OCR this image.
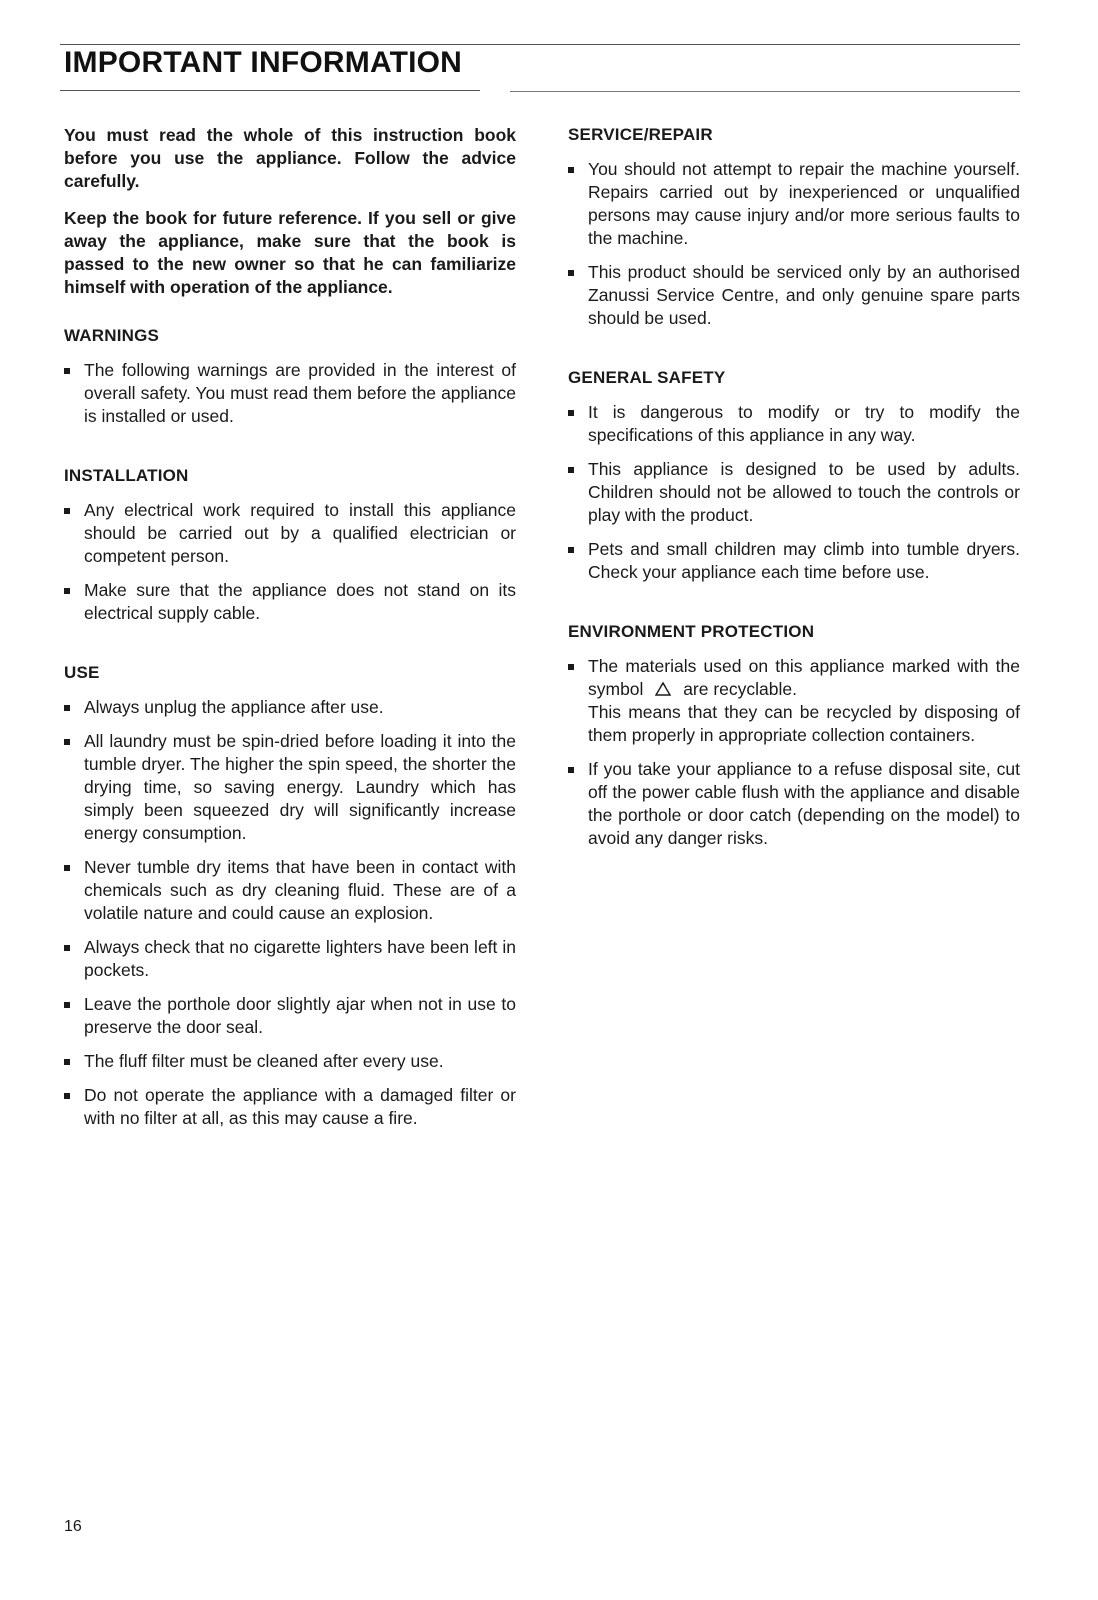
IMPORTANT INFORMATION

You must read the whole of this instruction book before you use the appliance. Follow the advice carefully.

Keep the book for future reference. If you sell or give away the appliance, make sure that the book is passed to the new owner so that he can familiarize himself with operation of the appliance.

WARNINGS
The following warnings are provided in the interest of overall safety. You must read them before the appliance is installed or used.
INSTALLATION
Any electrical work required to install this appliance should be carried out by a qualified electrician or competent person.
Make sure that the appliance does not stand on its electrical supply cable.
USE
Always unplug the appliance after use.
All laundry must be spin-dried before loading it into the tumble dryer. The higher the spin speed, the shorter the drying time, so saving energy. Laundry which has simply been squeezed dry will significantly increase energy consumption.
Never tumble dry items that have been in contact with chemicals such as dry cleaning fluid. These are of a volatile nature and could cause an explosion.
Always check that no cigarette lighters have been left in pockets.
Leave the porthole door slightly ajar when not in use to preserve the door seal.
The fluff filter must be cleaned after every use.
Do not operate the appliance with a damaged filter or with no filter at all, as this may cause a fire.
SERVICE/REPAIR
You should not attempt to repair the machine yourself. Repairs carried out by inexperienced or unqualified persons may cause injury and/or more serious faults to the machine.
This product should be serviced only by an authorised Zanussi Service Centre, and only genuine spare parts should be used.
GENERAL SAFETY
It is dangerous to modify or try to modify the specifications of this appliance in any way.
This appliance is designed to be used by adults. Children should not be allowed to touch the controls or play with the product.
Pets and small children may climb into tumble dryers. Check your appliance each time before use.
ENVIRONMENT PROTECTION
The materials used on this appliance marked with the symbol are recyclable.
This means that they can be recycled by disposing of them properly in appropriate collection containers.
If you take your appliance to a refuse disposal site, cut off the power cable flush with the appliance and disable the porthole or door catch (depending on the model) to avoid any danger risks.
16
